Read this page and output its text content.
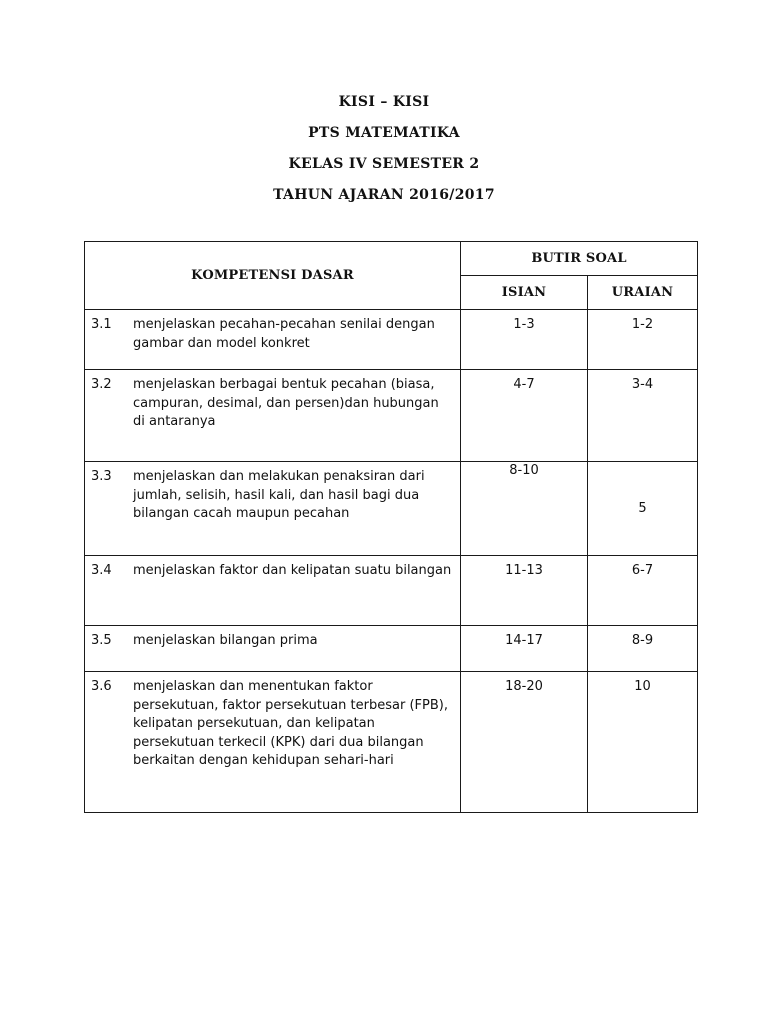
KISI – KISI
PTS MATEMATIKA
KELAS IV SEMESTER 2
TAHUN AJARAN 2016/2017
KOMPETENSI DASAR	BUTIR SOAL	
	ISIAN	URAIAN

3.1 menjelaskan pecahan-pecahan senilai dengan gambar dan model konkret	1-3	1-2

3.2 menjelaskan berbagai bentuk pecahan (biasa, campuran, desimal, dan persen)dan hubungan di antaranya	4-7	3-4

3.3 menjelaskan dan melakukan penaksiran dari jumlah, selisih, hasil kali, dan hasil bagi dua bilangan cacah maupun pecahan	8-10	5

3.4 menjelaskan faktor dan kelipatan suatu bilangan	11-13	6-7

3.5 menjelaskan bilangan prima	14-17	8-9

3.6 menjelaskan dan menentukan faktor persekutuan, faktor persekutuan terbesar (FPB), kelipatan persekutuan, dan kelipatan persekutuan terkecil (KPK) dari dua bilangan berkaitan dengan kehidupan sehari-hari	18-20	10
